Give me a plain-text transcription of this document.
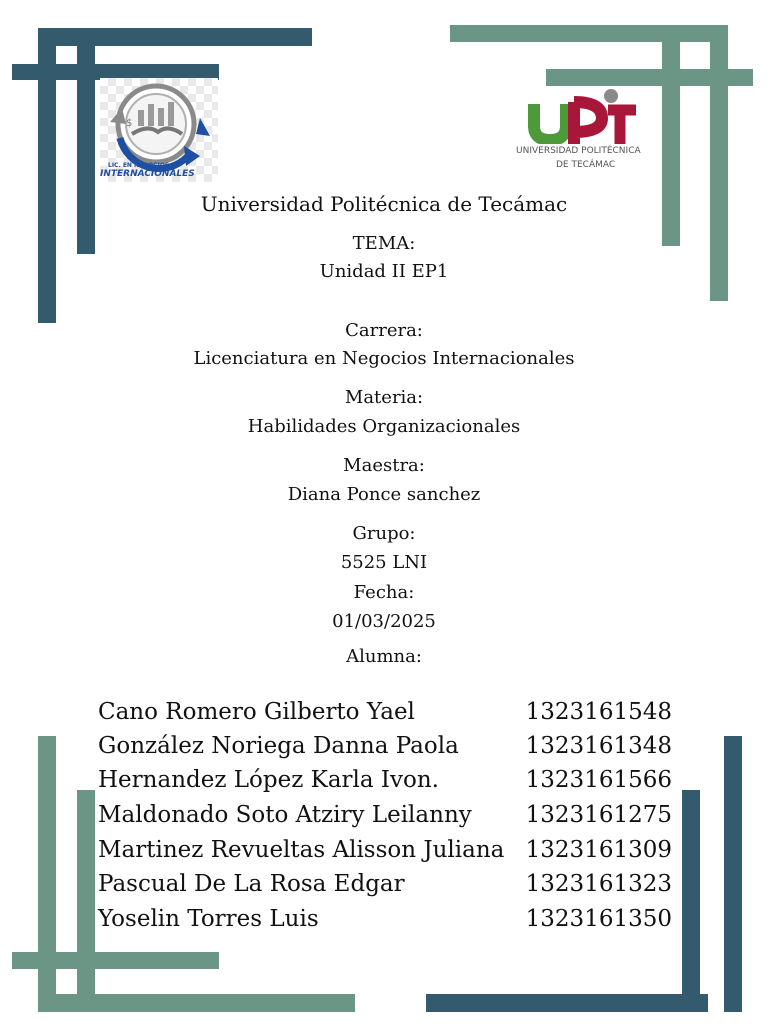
$
LIC. EN NEGOCIOS
INTERNACIONALES
UNIVERSIDAD POLITÉCNICA
DE TECÁMAC
Universidad Politécnica de Tecámac
TEMA:
Unidad II EP1
Carrera:
Licenciatura en Negocios Internacionales
Materia:
Habilidades Organizacionales
Maestra:
Diana Ponce sanchez
Grupo:
5525 LNI
Fecha:
01/03/2025
Alumna:
Cano Romero Gilberto Yael	1323161548
González Noriega Danna Paola	1323161348
Hernandez López Karla Ivon.	1323161566
Maldonado Soto Atziry Leilanny 1323161275
Martinez Revueltas Alisson Juliana 1323161309
Pascual De La Rosa Edgar	1323161323
Yoselin Torres Luis	1323161350
